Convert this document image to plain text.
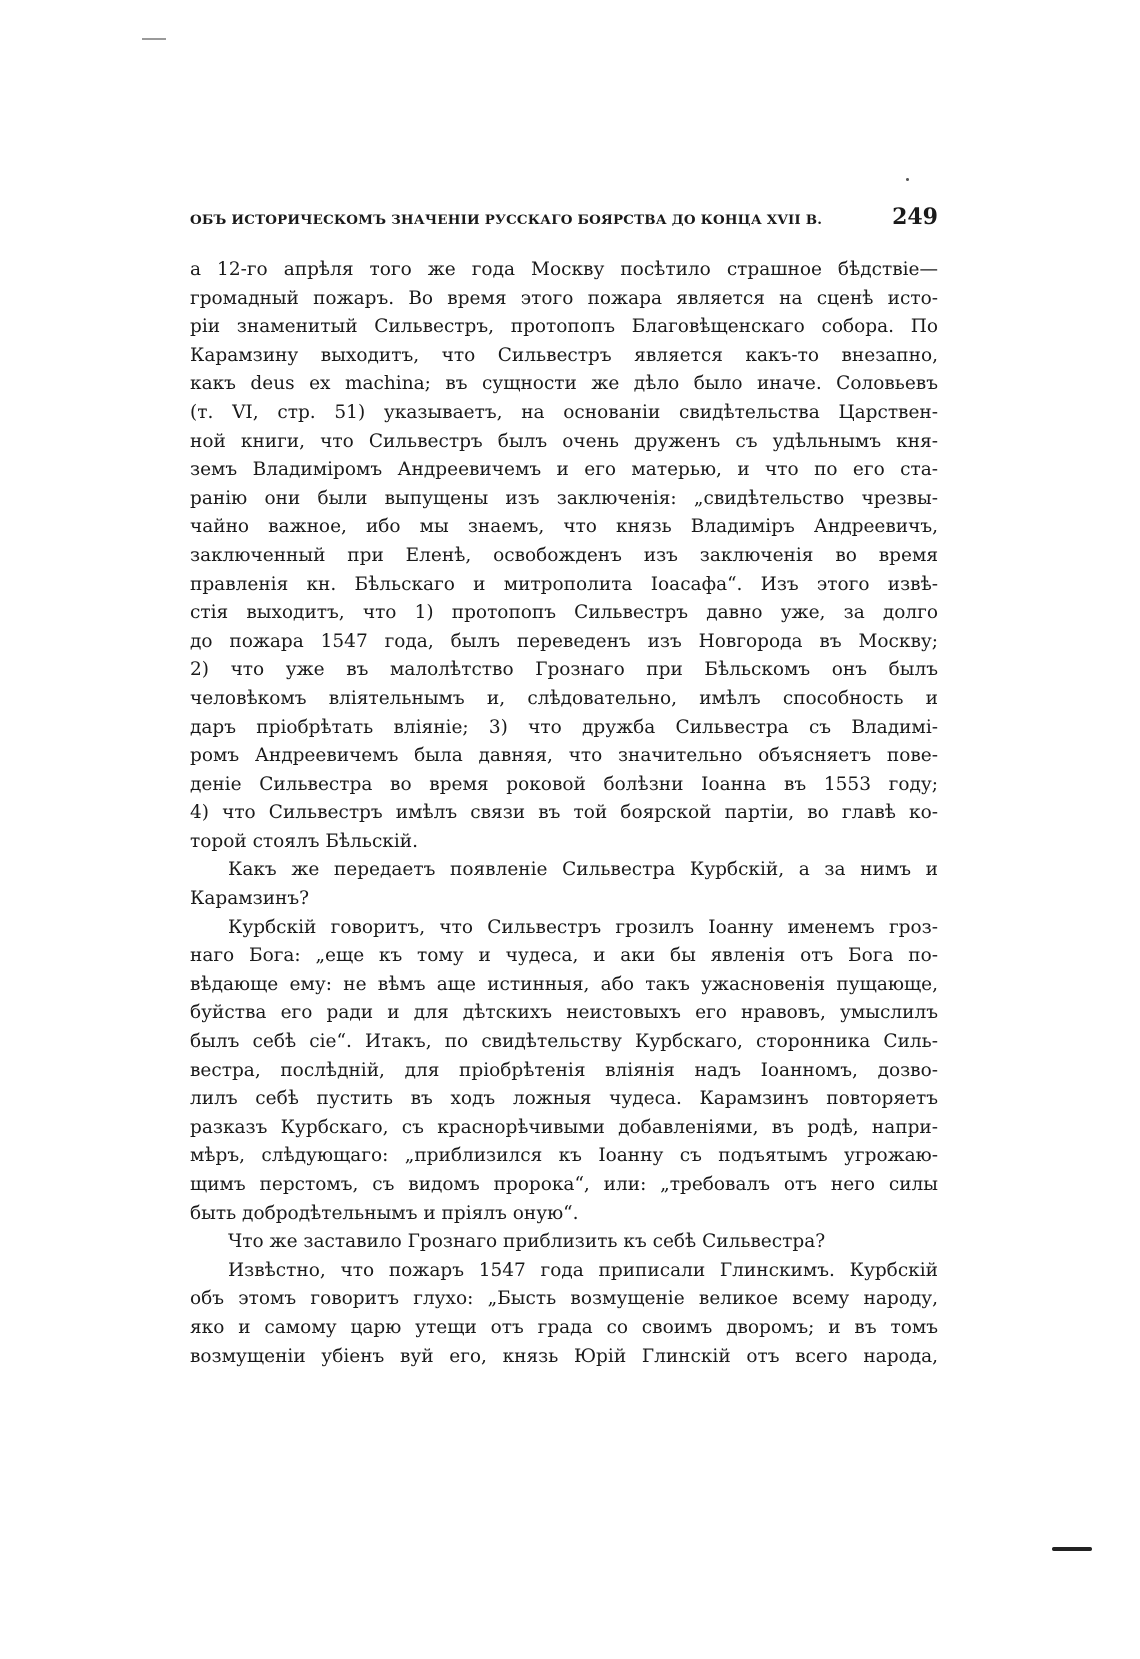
ОБЪ ИСТОРИЧЕСКОМЪ ЗНАЧЕНІИ РУССКАГО БОЯРСТВА ДО КОНЦА XVII В.	249
а 12-го апрѣля того же года Москву посѣтило страшное бѣдствіе—
громадный пожаръ. Во время этого пожара является на сценѣ исто-
ріи знаменитый Сильвестръ, протопопъ Благовѣщенскаго собора. По
Карамзину выходитъ, что Сильвестръ является какъ-то внезапно,
какъ deus ex machina; въ сущности же дѣло было иначе. Соловьевъ
(т. VI, стр. 51) указываетъ, на основаніи свидѣтельства Царствен-
ной книги, что Сильвестръ былъ очень друженъ съ удѣльнымъ кня-
земъ Владиміромъ Андреевичемъ и его матерью, и что по его ста-
ранію они были выпущены изъ заключенія: „свидѣтельство чрезвы-
чайно важное, ибо мы знаемъ, что князь Владиміръ Андреевичъ,
заключенный при Еленѣ, освобожденъ изъ заключенія во время
правленія кн. Бѣльскаго и митрополита Іоасафа“. Изъ этого извѣ-
стія выходитъ, что 1) протопопъ Сильвестръ давно уже, за долго
до пожара 1547 года, былъ переведенъ изъ Новгорода въ Москву;
2) что уже въ малолѣтство Грознаго при Бѣльскомъ онъ былъ
человѣкомъ вліятельнымъ и, слѣдовательно, имѣлъ способность и
даръ пріобрѣтать вліяніе; 3) что дружба Сильвестра съ Владимі-
ромъ Андреевичемъ была давняя, что значительно объясняетъ пове-
деніе Сильвестра во время роковой болѣзни Іоанна въ 1553 году;
4) что Сильвестръ имѣлъ связи въ той боярской партіи, во главѣ ко-
торой стоялъ Бѣльскій.
Какъ же передаетъ появленіе Сильвестра Курбскій, а за нимъ и
Карамзинъ?
Курбскій говоритъ, что Сильвестръ грозилъ Іоанну именемъ гроз-
наго Бога: „еще къ тому и чудеса, и аки бы явленія отъ Бога по-
вѣдающе ему: не вѣмъ аще истинныя, або такъ ужасновенія пущающе,
буйства его ради и для дѣтскихъ неистовыхъ его нравовъ, умыслилъ
былъ себѣ сіе“. Итакъ, по свидѣтельству Курбскаго, сторонника Силь-
вестра, послѣдній, для пріобрѣтенія вліянія надъ Іоанномъ, дозво-
лилъ себѣ пустить въ ходъ ложныя чудеса. Карамзинъ повторяетъ
разказъ Курбскаго, съ краснорѣчивыми добавленіями, въ родѣ, напри-
мѣръ, слѣдующаго: „приблизился къ Іоанну съ подъятымъ угрожаю-
щимъ перстомъ, съ видомъ пророка“, или: „требовалъ отъ него силы
быть добродѣтельнымъ и пріялъ оную“.
Что же заставило Грознаго приблизить къ себѣ Сильвестра?
Извѣстно, что пожаръ 1547 года приписали Глинскимъ. Курбскій
объ этомъ говоритъ глухо: „Бысть возмущеніе великое всему народу,
яко и самому царю утещи отъ града со своимъ дворомъ; и въ томъ
возмущеніи убіенъ вуй его, князь Юрій Глинскій отъ всего народа,
